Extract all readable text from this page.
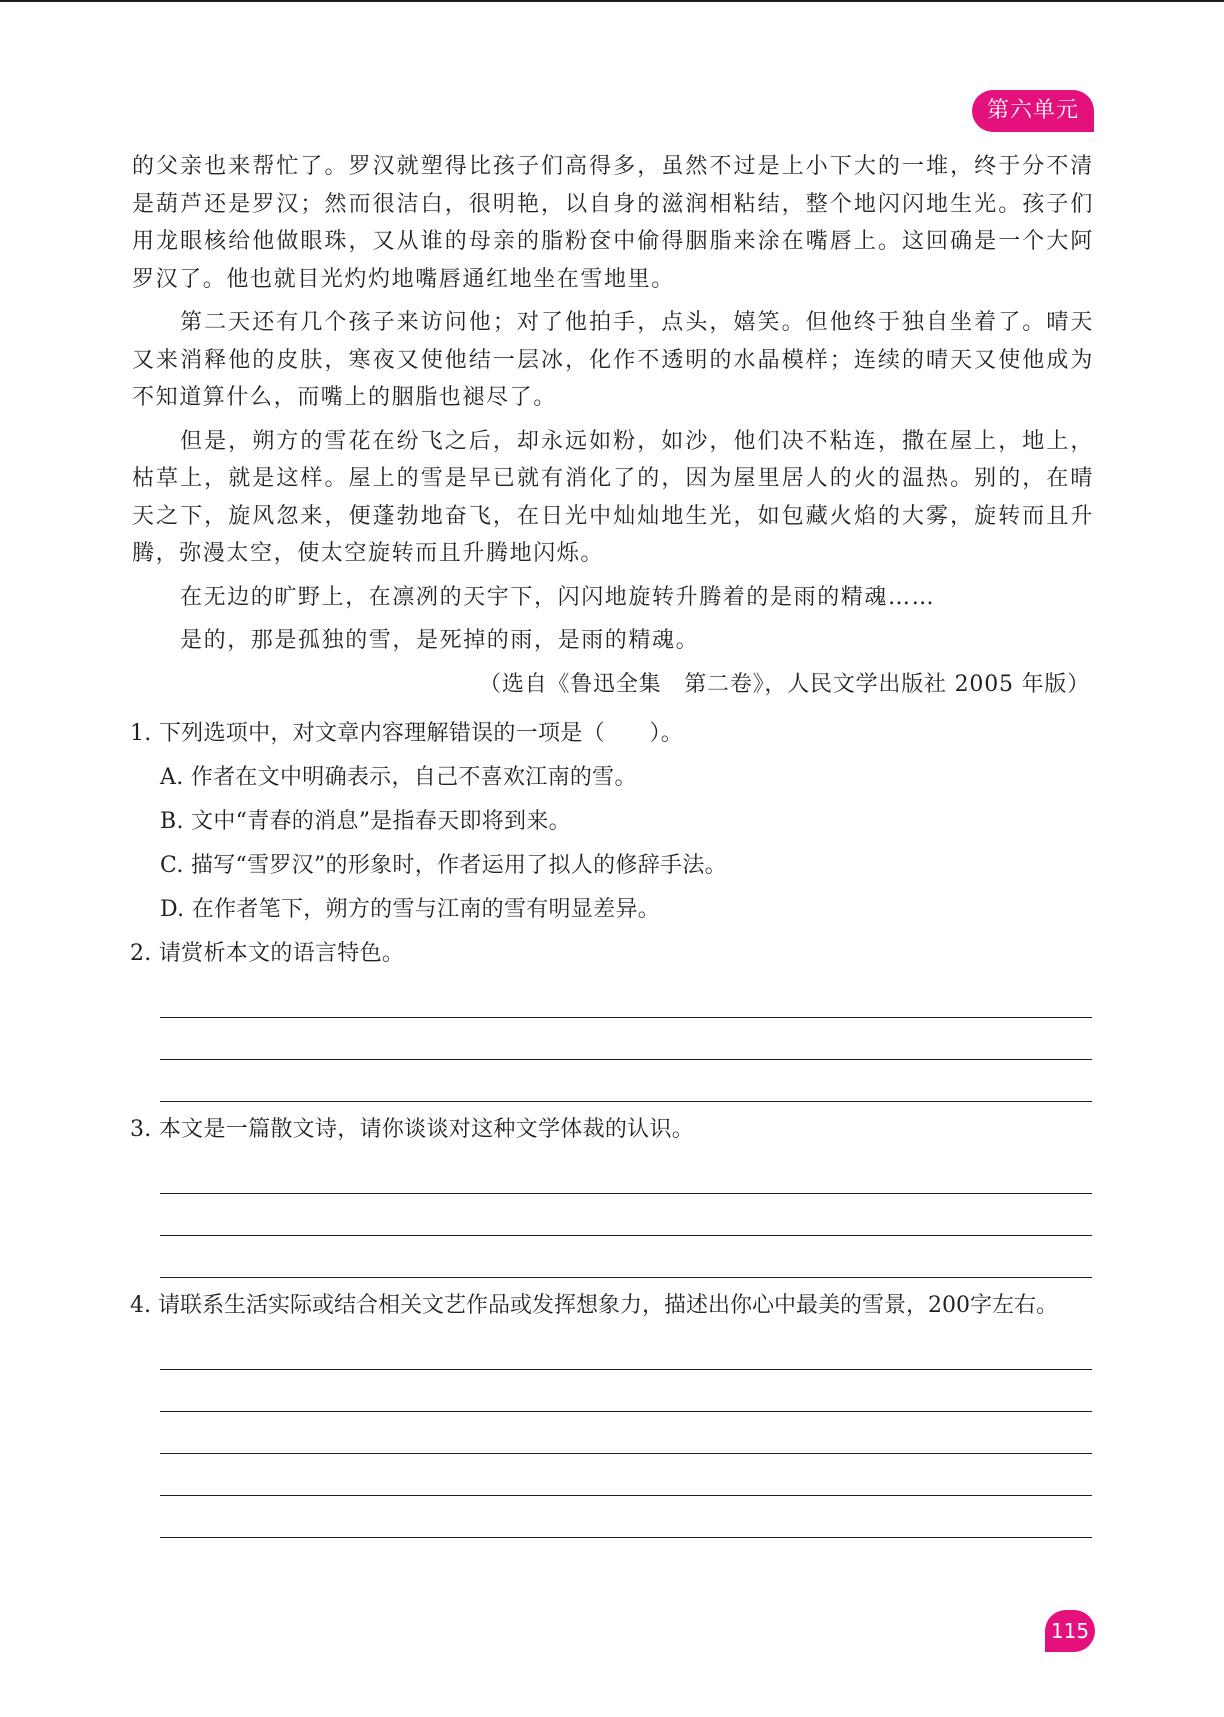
第六单元

的父亲也来帮忙了。罗汉就塑得比孩子们高得多，虽然不过是上小下大的一堆，终于分不清是葫芦还是罗汉；然而很洁白，很明艳，以自身的滋润相粘结，整个地闪闪地生光。孩子们用龙眼核给他做眼珠，又从谁的母亲的脂粉奁中偷得胭脂来涂在嘴唇上。这回确是一个大阿罗汉了。他也就目光灼灼地嘴唇通红地坐在雪地里。

第二天还有几个孩子来访问他；对了他拍手，点头，嬉笑。但他终于独自坐着了。晴天又来消释他的皮肤，寒夜又使他结一层冰，化作不透明的水晶模样；连续的晴天又使他成为不知道算什么，而嘴上的胭脂也褪尽了。

但是，朔方的雪花在纷飞之后，却永远如粉，如沙，他们决不粘连，撒在屋上，地上，枯草上，就是这样。屋上的雪是早已就有消化了的，因为屋里居人的火的温热。别的，在晴天之下，旋风忽来，便蓬勃地奋飞，在日光中灿灿地生光，如包藏火焰的大雾，旋转而且升腾，弥漫太空，使太空旋转而且升腾地闪烁。

在无边的旷野上，在凛冽的天宇下，闪闪地旋转升腾着的是雨的精魂……

是的，那是孤独的雪，是死掉的雨，是雨的精魂。

（选自《鲁迅全集　第二卷》，人民文学出版社 2005 年版）

1. 下列选项中，对文章内容理解错误的一项是（　　）。

A. 作者在文中明确表示，自己不喜欢江南的雪。

B. 文中“青春的消息”是指春天即将到来。

C. 描写“雪罗汉”的形象时，作者运用了拟人的修辞手法。

D. 在作者笔下，朔方的雪与江南的雪有明显差异。

2. 请赏析本文的语言特色。

3. 本文是一篇散文诗，请你谈谈对这种文学体裁的认识。

4. 请联系生活实际或结合相关文艺作品或发挥想象力，描述出你心中最美的雪景，200字左右。

115
